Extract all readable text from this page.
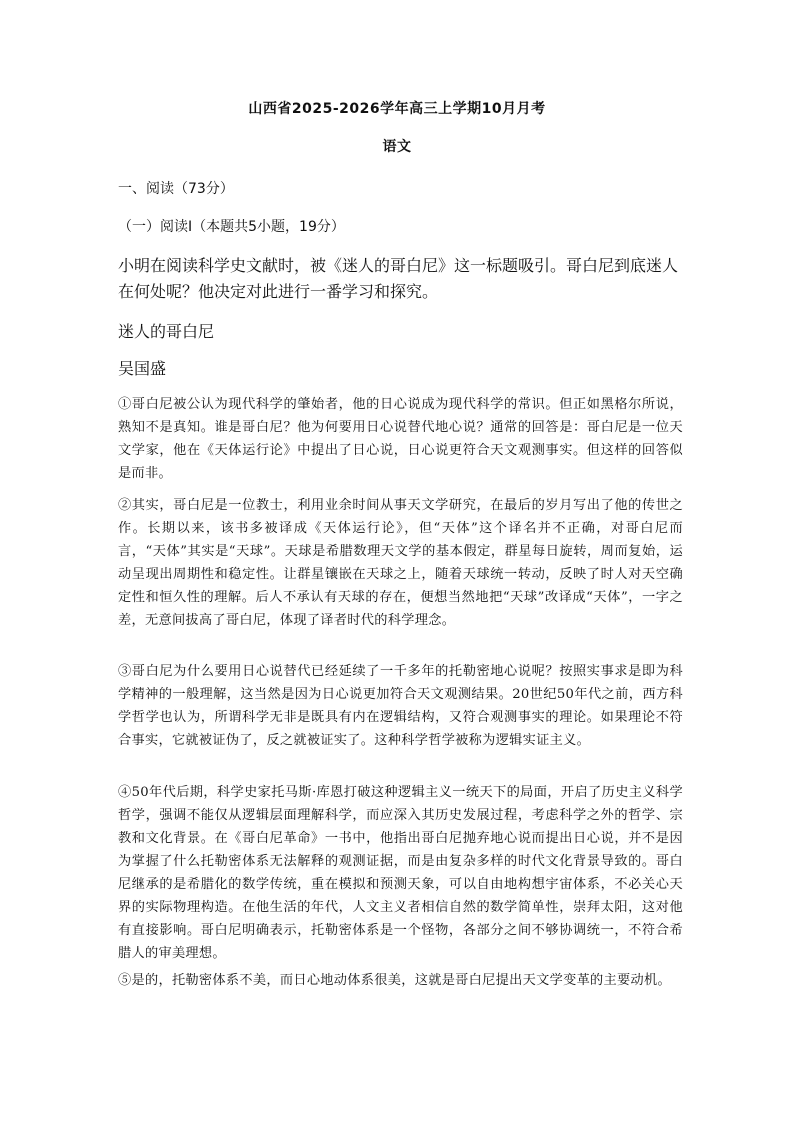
山西省2025-2026学年高三上学期10月月考
语文
一、阅读（73分）
（一）阅读Ⅰ（本题共5小题，19分）
小明在阅读科学史文献时，被《迷人的哥白尼》这一标题吸引。哥白尼到底迷人在何处呢？他决定对此进行一番学习和探究。
迷人的哥白尼
吴国盛
①哥白尼被公认为现代科学的肇始者，他的日心说成为现代科学的常识。但正如黑格尔所说，熟知不是真知。谁是哥白尼？他为何要用日心说替代地心说？通常的回答是：哥白尼是一位天文学家，他在《天体运行论》中提出了日心说，日心说更符合天文观测事实。但这样的回答似是而非。
②其实，哥白尼是一位教士，利用业余时间从事天文学研究，在最后的岁月写出了他的传世之作。长期以来，该书多被译成《天体运行论》，但“天体”这个译名并不正确，对哥白尼而言，“天体”其实是“天球”。天球是希腊数理天文学的基本假定，群星每日旋转，周而复始，运动呈现出周期性和稳定性。让群星镶嵌在天球之上，随着天球统一转动，反映了时人对天空确定性和恒久性的理解。后人不承认有天球的存在，便想当然地把“天球”改译成“天体”，一字之差，无意间拔高了哥白尼，体现了译者时代的科学理念。
③哥白尼为什么要用日心说替代已经延续了一千多年的托勒密地心说呢？按照实事求是即为科学精神的一般理解，这当然是因为日心说更加符合天文观测结果。20世纪50年代之前，西方科学哲学也认为，所谓科学无非是既具有内在逻辑结构，又符合观测事实的理论。如果理论不符合事实，它就被证伪了，反之就被证实了。这种科学哲学被称为逻辑实证主义。
④50年代后期，科学史家托马斯·库恩打破这种逻辑主义一统天下的局面，开启了历史主义科学哲学，强调不能仅从逻辑层面理解科学，而应深入其历史发展过程，考虑科学之外的哲学、宗教和文化背景。在《哥白尼革命》一书中，他指出哥白尼抛弃地心说而提出日心说，并不是因为掌握了什么托勒密体系无法解释的观测证据，而是由复杂多样的时代文化背景导致的。哥白尼继承的是希腊化的数学传统，重在模拟和预测天象，可以自由地构想宇宙体系，不必关心天界的实际物理构造。在他生活的年代，人文主义者相信自然的数学简单性，崇拜太阳，这对他有直接影响。哥白尼明确表示，托勒密体系是一个怪物，各部分之间不够协调统一，不符合希腊人的审美理想。
⑤是的，托勒密体系不美，而日心地动体系很美，这就是哥白尼提出天文学变革的主要动机。
